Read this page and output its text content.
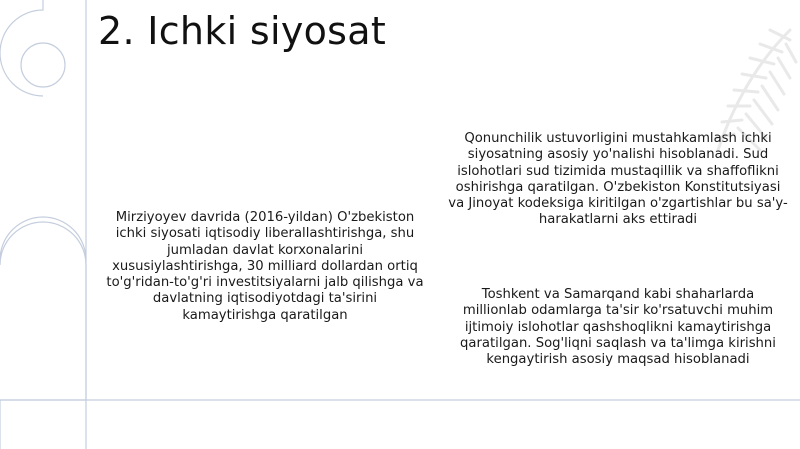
2. Ichki siyosat

Mirziyoyev davrida (2016-yildan) O'zbekiston ichki siyosati iqtisodiy liberallashtirishga, shu jumladan davlat korxonalarini xususiylashtirishga, 30 milliard dollardan ortiq to'g'ridan-to'g'ri investitsiyalarni jalb qilishga va davlatning iqtisodiyotdagi ta'sirini kamaytirishga qaratilgan

Qonunchilik ustuvorligini mustahkamlash ichki siyosatning asosiy yo'nalishi hisoblanadi. Sud islohotlari sud tizimida mustaqillik va shaffoflikni oshirishga qaratilgan. O'zbekiston Konstitutsiyasi va Jinoyat kodeksiga kiritilgan o'zgartishlar bu sa'y-harakatlarni aks ettiradi

Toshkent va Samarqand kabi shaharlarda millionlab odamlarga ta'sir ko'rsatuvchi muhim ijtimoiy islohotlar qashshoqlikni kamaytirishga qaratilgan. Sog'liqni saqlash va ta'limga kirishni kengaytirish asosiy maqsad hisoblanadi
